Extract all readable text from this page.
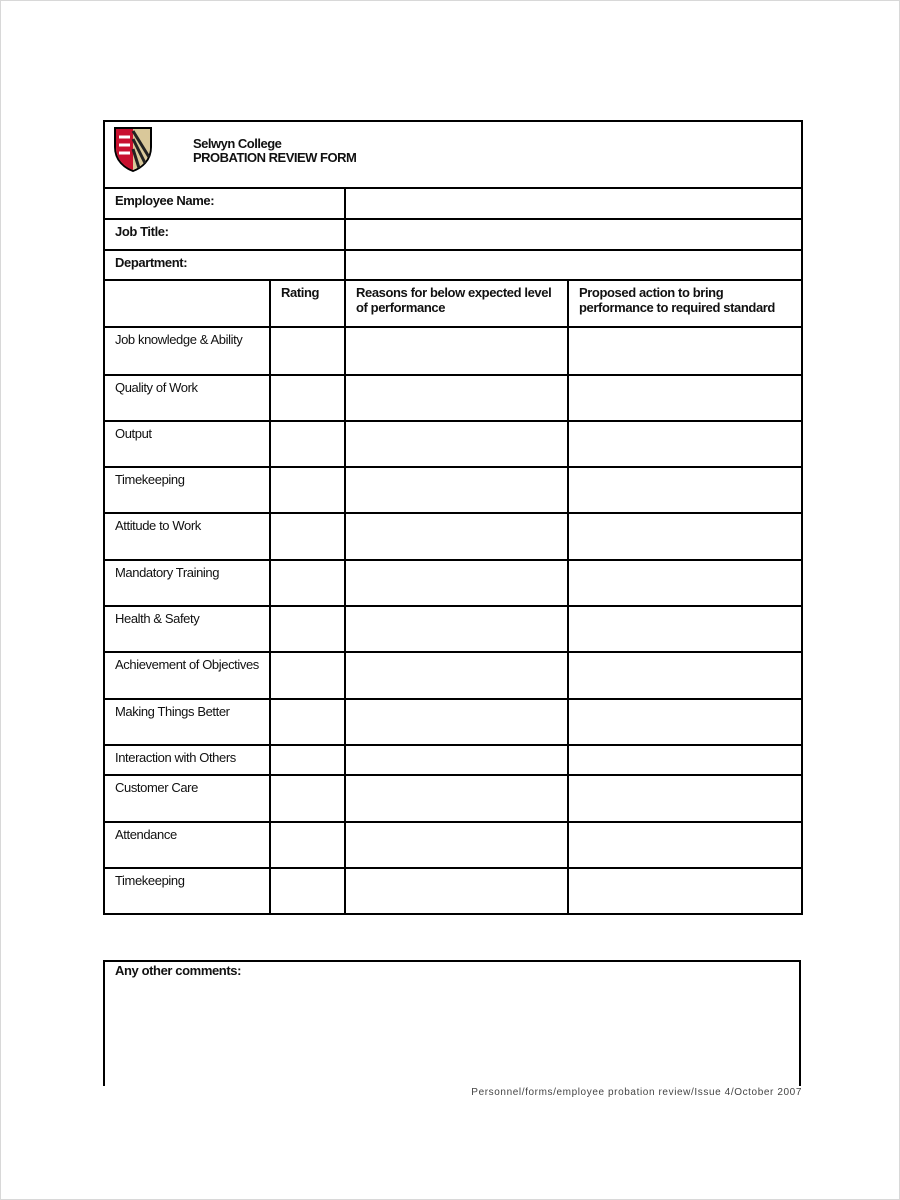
Selwyn College
PROBATION REVIEW FORM			

Employee Name:			
Job Title:			
Department:			
	Rating	Reasons for below expected level of performance	Proposed action to bring performance to required standard
Job knowledge & Ability			
Quality of Work			
Output			
Timekeeping			
Attitude to Work			
Mandatory Training			
Health & Safety			
Achievement of Objectives			
Making Things Better			
Interaction with Others			
Customer Care			
Attendance			
Timekeeping			
Any other comments:
Personnel/forms/employee probation review/Issue 4/October 2007
